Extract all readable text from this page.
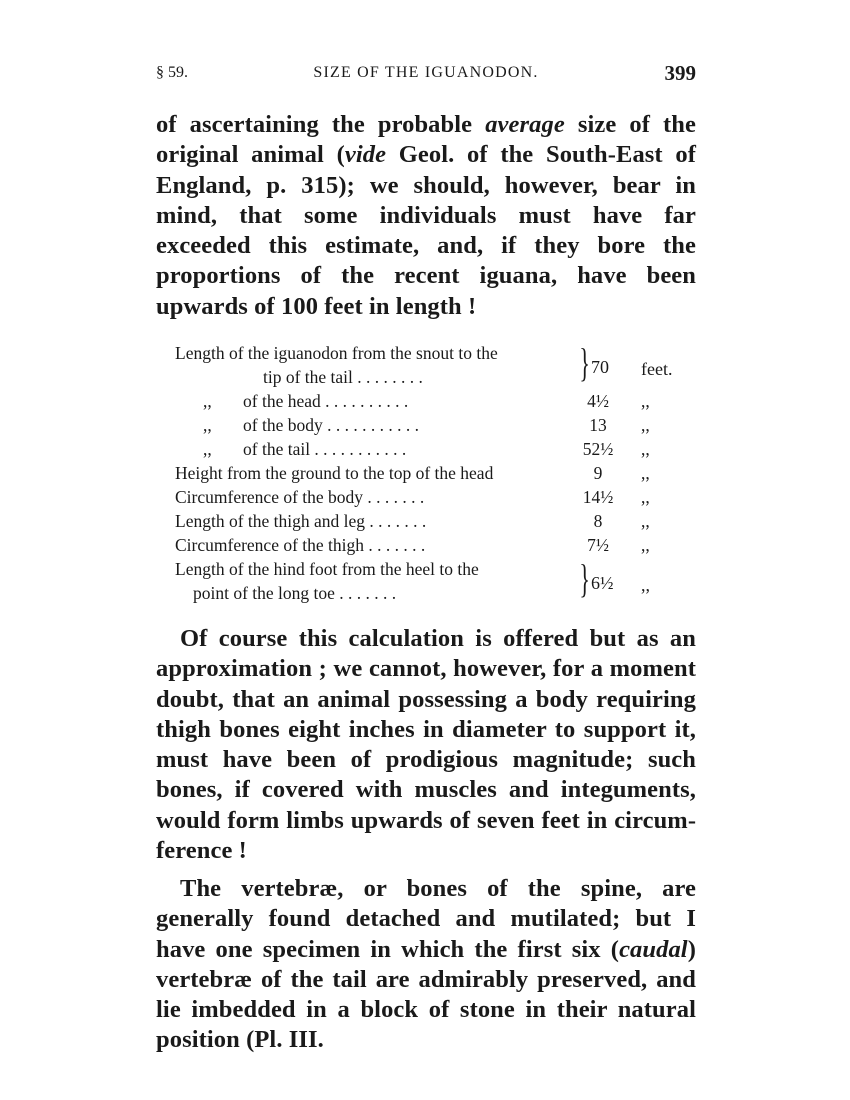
§ 59.	SIZE OF THE IGUANODON.	399

of ascertaining the probable average size of the original animal (vide Geol. of the South-East of England, p. 315); we should, however, bear in mind, that some individuals must have far exceeded this estimate, and, if they bore the proportions of the recent iguana, have been upwards of 100 feet in length !

Length of the iguanodon from the snout to the
tip of the tail . . . . . . . .	} 70 feet.
,, of the head . . . . . . . . . .	4½	,,
,, of the body . . . . . . . . . . .	13	,,
,, of the tail . . . . . . . . . . .	52½ ,,
Height from the ground to the top of the head	9	,,
Circumference of the body . . . . . . .	14½ ,,
Length of the thigh and leg . . . . . . .	8	,,
Circumference of the thigh . . . . . . .	7½	,,
Length of the hind foot from the heel to the
point of the long toe . . . . . . .	} 6½ ,,

Of course this calculation is offered but as an approximation ; we cannot, however, for a moment doubt, that an animal possessing a body requiring thigh bones eight inches in diameter to support it, must have been of prodigious magnitude; such bones, if covered with muscles and integuments, would form limbs upwards of seven feet in circumference !

The vertebræ, or bones of the spine, are generally found detached and mutilated; but I have one specimen in which the first six (caudal) vertebræ of the tail are admirably preserved, and lie imbedded in a block of stone in their natural position (Pl. III.
